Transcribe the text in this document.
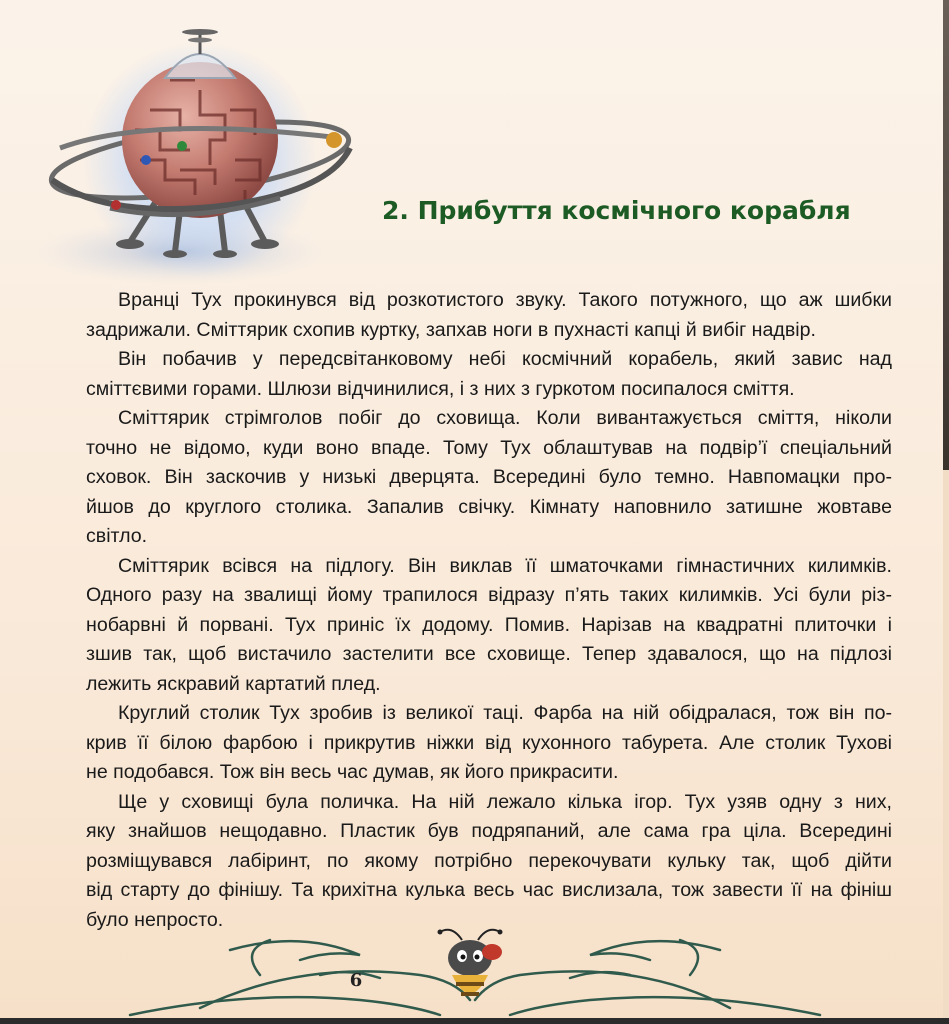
2. Прибуття космічного корабля
Вранці Тух прокинувся від розкотистого звуку. Такого потужного, що аж шибки
задрижали. Сміттярик схопив куртку, запхав ноги в пухнасті капці й вибіг надвір.
Він побачив у передсвітанковому небі космічний корабель, який завис над
сміттєвими горами. Шлюзи відчинилися, і з них з гуркотом посипалося сміття.
Сміттярик стрімголов побіг до сховища. Коли вивантажується сміття, ніколи
точно не відомо, куди воно впаде. Тому Тух облаштував на подвір’ї спеціальний
сховок. Він заскочив у низькі дверцята. Всередині було темно. Навпомацки про-
йшов до круглого столика. Запалив свічку. Кімнату наповнило затишне жовтаве
світло.
Сміттярик всівся на підлогу. Він виклав її шматочками гімнастичних килимків.
Одного разу на звалищі йому трапилося відразу п’ять таких килимків. Усі були різ-
нобарвні й порвані. Тух приніс їх додому. Помив. Нарізав на квадратні плиточки і
зшив так, щоб вистачило застелити все сховище. Тепер здавалося, що на підлозі
лежить яскравий картатий плед.
Круглий столик Тух зробив із великої таці. Фарба на ній обідралася, тож він по-
крив її білою фарбою і прикрутив ніжки від кухонного табурета. Але столик Тухові
не подобався. Тож він весь час думав, як його прикрасити.
Ще у сховищі була поличка. На ній лежало кілька ігор. Тух узяв одну з них,
яку знайшов нещодавно. Пластик був подряпаний, але сама гра ціла. Всередині
розміщувався лабіринт, по якому потрібно перекочувати кульку так, щоб дійти
від старту до фінішу. Та крихітна кулька весь час вислизала, тож завести її на фініш
було непросто.
6
